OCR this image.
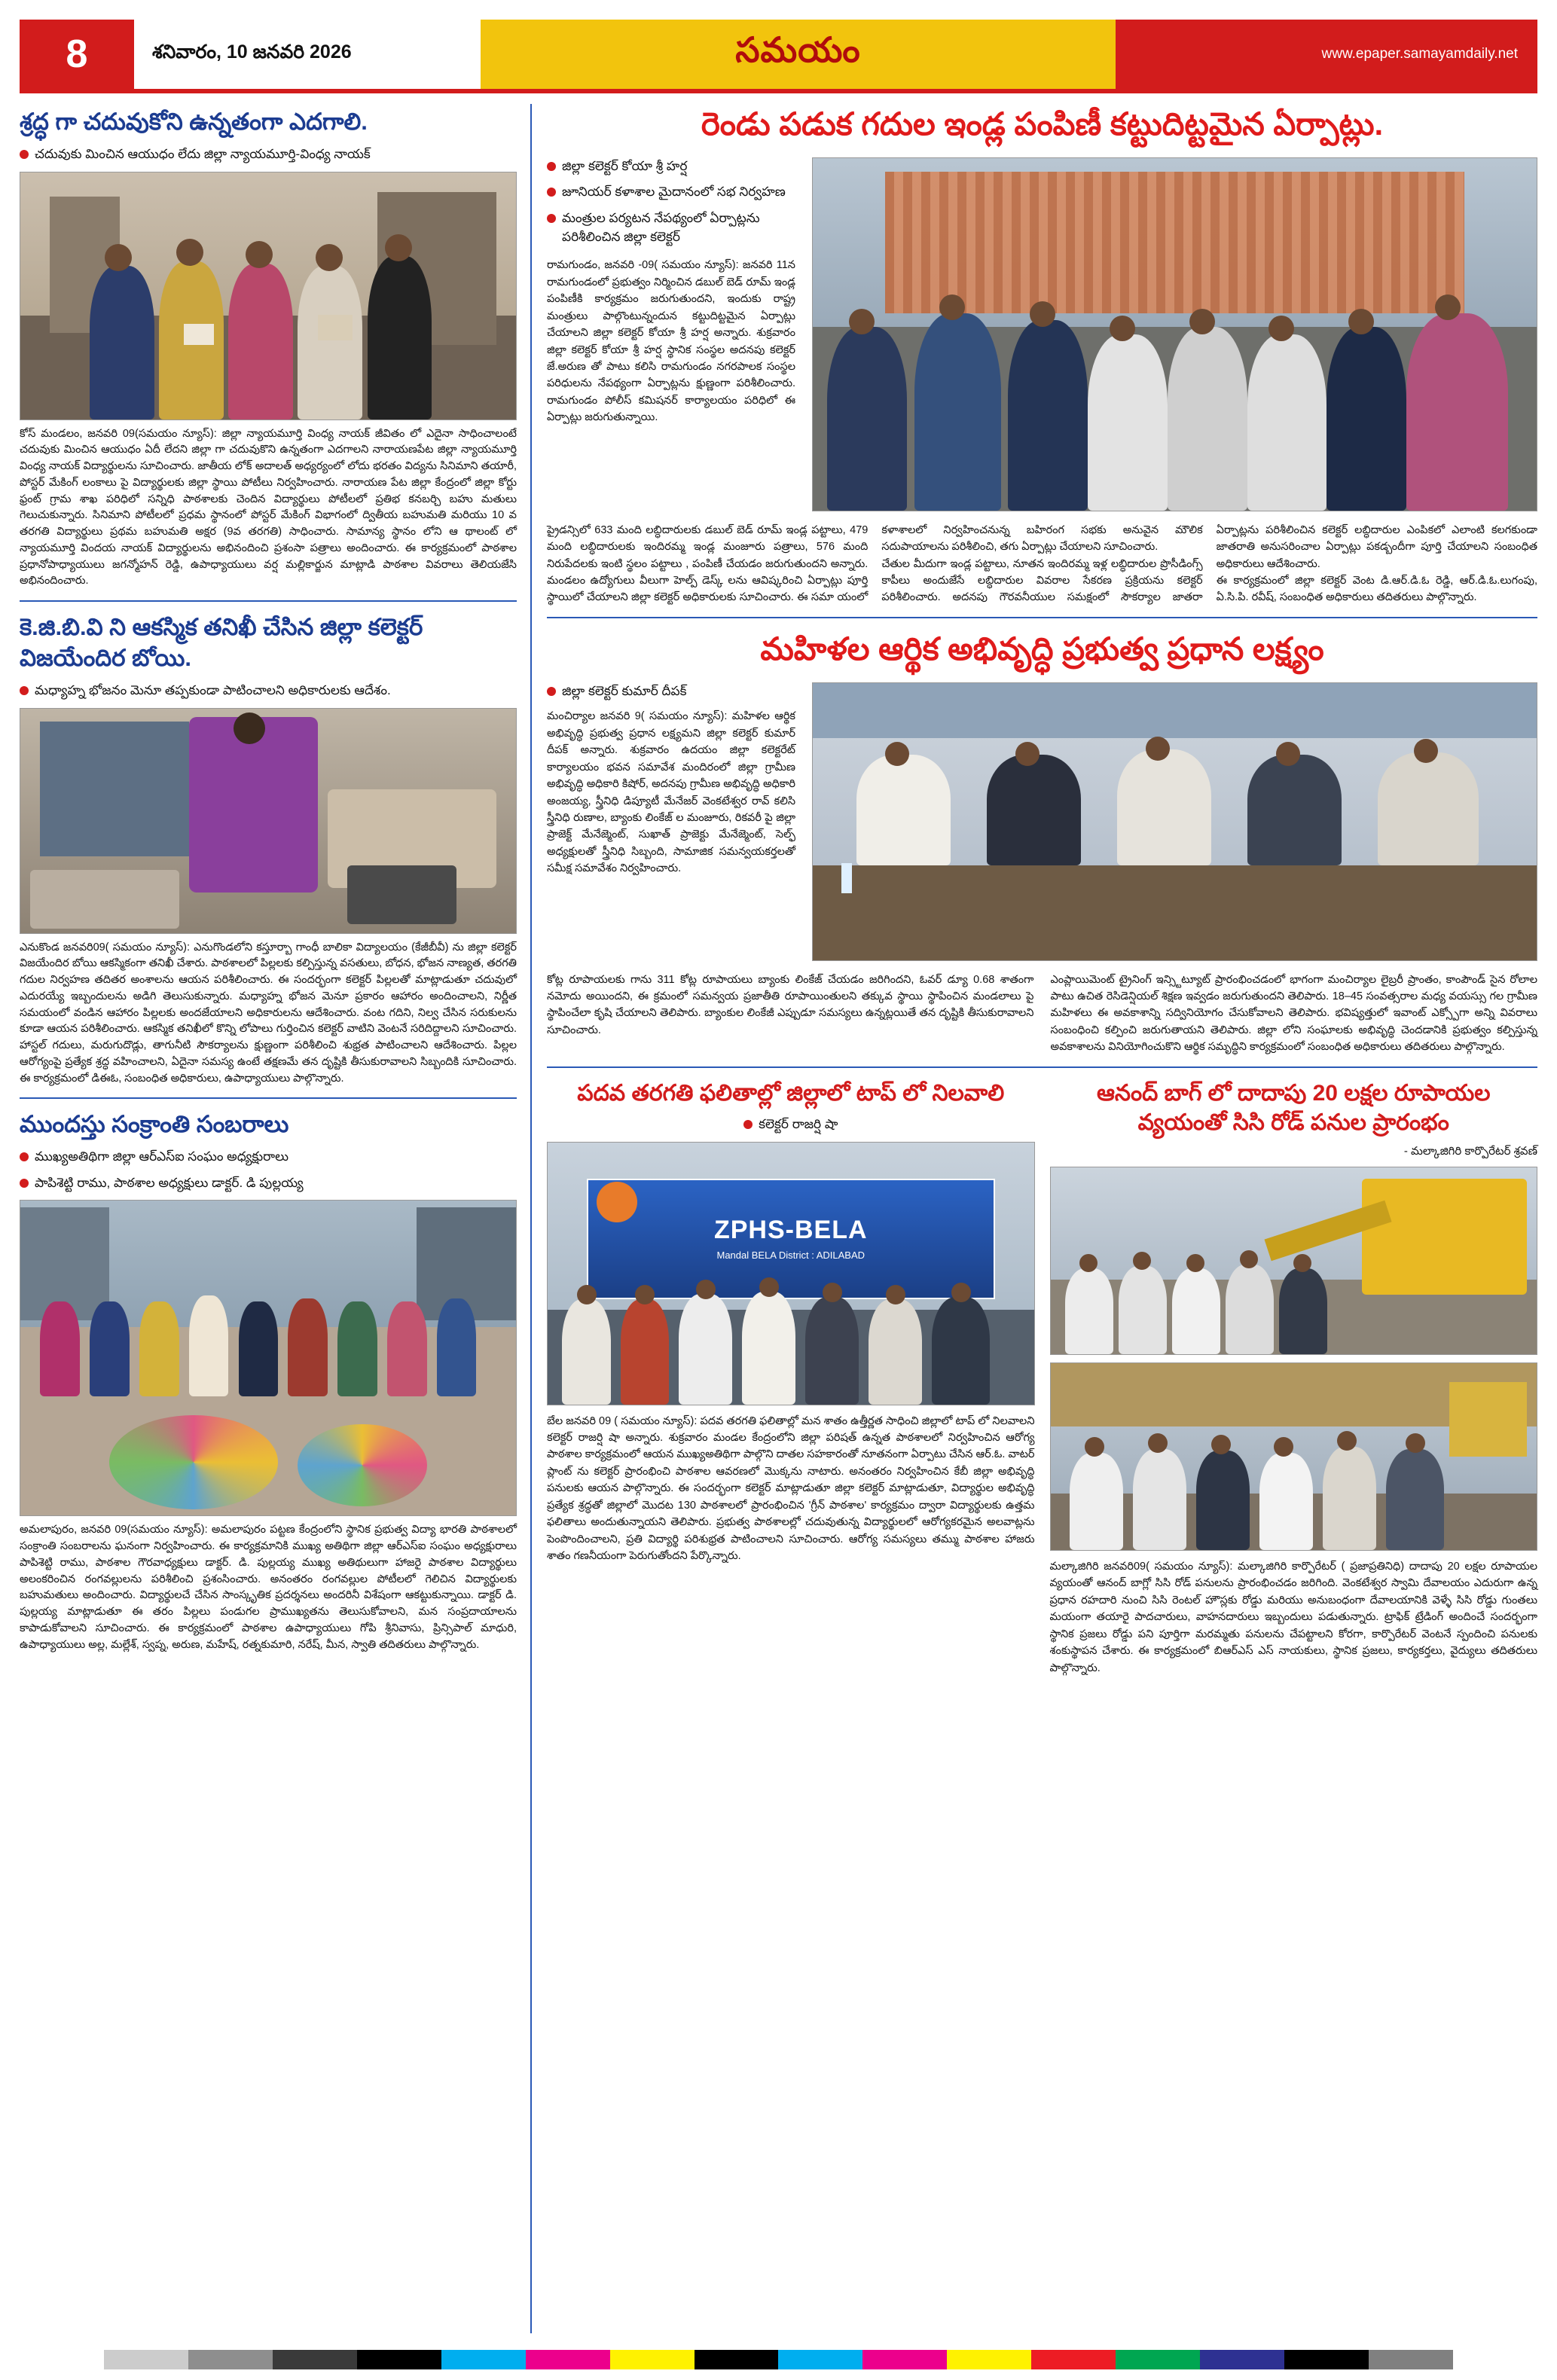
8	శనివారం, 10 జనవరి 2026	సమయం	www.epaper.samayamdaily.net
శ్రద్ధ గా చదువుకోని ఉన్నతంగా ఎదగాలి.
చదువుకు మించిన ఆయుధం లేదు జిల్లా న్యాయమూర్తి-వింధ్య నాయక్
కోస్ మండలం, జనవరి 09(సమయం న్యూస్): జిల్లా న్యాయమూర్తి వింధ్య నాయక్ జీవితం లో ఎదైనా సాధించాలంటే చదువుకు మించిన ఆయుధం ఏదీ లేదని జిల్లా గా చదువుకొని ఉన్నతంగా ఎదగాలని నారాయణపేట జిల్లా న్యాయమూర్తి వింధ్య నాయక్ విద్యార్థులను సూచించారు. జాతీయ లోక్ అదాలత్ అధ్యర్యంలో లోదు భరతం విద్యను సినిమాని తయారీ, పోస్టర్ మేకింగ్ లంకాలు పై విద్యార్థులకు జిల్లా స్థాయి పోటీలు నిర్వహించారు. నారాయణ పేట జిల్లా కేంద్రంలో జిల్లా కోర్టు ఫ్రంట్ గ్రామ శాఖ పరిధిలో సన్నిధి పాఠశాలకు చెందిన విద్యార్థులు పోటీలలో ప్రతిభ కనబర్చి బహు మతులు గెలుచుకున్నారు. సినిమాని పోటీలలో ప్రధమ స్థానంలో పోస్టర్ మేకింగ్ విభాగంలో ద్వితీయ బహుమతి మరియు 10 వ తరగతి విద్యార్థులు ప్రథమ బహుమతి అక్షర (9వ తరగతి) సాధించారు. సామాన్య స్థానం లోని ఆ థాలంట్ లో న్యాయమూర్తి విందయ నాయక్ విద్యార్థులను అభినందించి ప్రశంసా పత్రాలు అందించారు. ఈ కార్యక్రమంలో పాఠశాల ప్రధానోపాధ్యాయులు జగన్మోహన్ రెడ్డి, ఉపాధ్యాయులు వర్ష మల్లికార్జున మాట్లాడి పాఠశాల వివరాలు తెలియజేసి అభినందించారు.
కె.జి.బి.వి ని ఆకస్మిక తనిఖీ చేసిన జిల్లా కలెక్టర్ విజయేందిర బోయి.
మధ్యాహ్న భోజనం మెనూ తప్పకుండా పాటించాలని అధికారులకు ఆదేశం.
ఎనుకొండ జనవరి09( సమయం న్యూస్): ఎనుగొండలోని కస్తూర్బా గాంధీ బాలికా విద్యాలయం (కేజీబీవీ) ను జిల్లా కలెక్టర్ విజయేందిర బోయి ఆకస్మికంగా తనిఖీ చేశారు. పాఠశాలలో పిల్లలకు కల్పిస్తున్న వసతులు, బోధన, భోజన నాణ్యత, తరగతి గదుల నిర్వహణ తదితర అంశాలను ఆయన పరిశీలించారు. ఈ సందర్భంగా కలెక్టర్ పిల్లలతో మాట్లాడుతూ చదువులో ఎదురయ్యే ఇబ్బందులను అడిగి తెలుసుకున్నారు. మధ్యాహ్న భోజన మెనూ ప్రకారం ఆహారం అందించాలని, నిర్ణీత సమయంలో వండిన ఆహారం పిల్లలకు అందజేయాలని అధికారులను ఆదేశించారు. వంట గదిని, నిల్వ చేసిన సరుకులను కూడా ఆయన పరిశీలించారు. ఆకస్మిక తనిఖీలో కొన్ని లోపాలు గుర్తించిన కలెక్టర్ వాటిని వెంటనే సరిదిద్దాలని సూచించారు. హాస్టల్ గదులు, మరుగుదొడ్లు, తాగునీటి సౌకర్యాలను క్షుణ్ణంగా పరిశీలించి శుభ్రత పాటించాలని ఆదేశించారు. పిల్లల ఆరోగ్యంపై ప్రత్యేక శ్రద్ధ వహించాలని, ఏదైనా సమస్య ఉంటే తక్షణమే తన దృష్టికి తీసుకురావాలని సిబ్బందికి సూచించారు. ఈ కార్యక్రమంలో డిఈఓ, సంబంధిత అధికారులు, ఉపాధ్యాయులు పాల్గొన్నారు.
ముందస్తు సంక్రాంతి సంబరాలు
ముఖ్యఅతిథిగా జిల్లా ఆర్ఎస్ఐ సంఘం అధ్యక్షురాలు
పాపిశెట్టి రాము, పాఠశాల అధ్యక్షులు డాక్టర్. డి పుల్లయ్య
అమలాపురం, జనవరి 09(సమయం న్యూస్): అమలాపురం పట్టణ కేంద్రంలోని స్థానిక ప్రభుత్వ విద్యా భారతి పాఠశాలలో సంక్రాంతి సంబరాలను ఘనంగా నిర్వహించారు. ఈ కార్యక్రమానికి ముఖ్య అతిథిగా జిల్లా ఆర్ఎస్ఐ సంఘం అధ్యక్షురాలు పాపిశెట్టి రాము, పాఠశాల గౌరవాధ్యక్షులు డాక్టర్. డి. పుల్లయ్య ముఖ్య అతిథులుగా హాజరై పాఠశాల విద్యార్థులు అలంకరించిన రంగవల్లులను పరిశీలించి ప్రశంసించారు. అనంతరం రంగవల్లుల పోటీలలో గెలిచిన విద్యార్థులకు బహుమతులు అందించారు. విద్యార్థులచే చేసిన సాంస్కృతిక ప్రదర్శనలు అందరినీ విశేషంగా ఆకట్టుకున్నాయి. డాక్టర్ డి. పుల్లయ్య మాట్లాడుతూ ఈ తరం పిల్లలు పండుగల ప్రాముఖ్యతను తెలుసుకోవాలని, మన సంప్రదాయాలను కాపాడుకోవాలని సూచించారు. ఈ కార్యక్రమంలో పాఠశాల ఉపాధ్యాయులు గోపి శ్రీనివాసు, ప్రిన్సిపాల్ మాధురి, ఉపాధ్యాయులు అల్ల, మల్లేశ్, స్వప్న, అరుణ, మహేష్, రత్నకుమారి, నరేష్, మీన, స్వాతి తదితరులు పాల్గొన్నారు.
రెండు పడుక గదుల ఇండ్ల పంపిణీ కట్టుదిట్టమైన ఏర్పాట్లు.
జిల్లా కలెక్టర్ కోయా శ్రీ హర్ష
జూనియర్ కళాశాల మైదానంలో సభ నిర్వహణ
మంత్రుల పర్యటన నేపథ్యంలో ఏర్పాట్లను పరిశీలించిన జిల్లా కలెక్టర్
రామగుండం, జనవరి -09( సమయం న్యూస్): జనవరి 11న రామగుండంలో ప్రభుత్వం నిర్మించిన డబుల్ బెడ్ రూమ్ ఇండ్ల పంపిణీకి కార్యక్రమం జరుగుతుందని, ఇందుకు రాష్ట్ర మంత్రులు పాల్గొంటున్నందున కట్టుదిట్టమైన ఏర్పాట్లు చేయాలని జిల్లా కలెక్టర్ కోయా శ్రీ హర్ష అన్నారు. శుక్రవారం జిల్లా కలెక్టర్ కోయా శ్రీ హర్ష స్థానిక సంస్థల అదనపు కలెక్టర్ జే.అరుణ తో పాటు కలిసి రామగుండం నగరపాలక సంస్థల పరిధులను నేపథ్యంగా ఏర్పాట్లను క్షుణ్ణంగా పరిశీలించారు. రామగుండం పోలీస్ కమిషనర్ కార్యాలయం పరిధిలో ఈ ఏర్పాట్లు జరుగుతున్నాయి.
ప్రైడన్సిలో 633 మంది లబ్ధిదారులకు డబుల్ బెడ్ రూమ్ ఇండ్ల పట్టాలు, 479 మంది లబ్ధిదారులకు ఇందిరమ్మ ఇండ్ల మంజూరు పత్రాలు, 576 మంది నిరుపేదలకు ఇంటి స్థలం పట్టాలు , పంపిణీ చేయడం జరుగుతుందని అన్నారు. మండలం ఉద్యోగులు వీలుగా హెల్ప్ డెస్క్ లను ఆవిష్కరించి ఏర్పాట్లు పూర్తి స్థాయిలో చేయాలని జిల్లా కలెక్టర్ అధికారులకు సూచించారు. ఈ సమా యంలో కళాశాలలో నిర్వహించనున్న బహిరంగ సభకు అనువైన మౌలిక సదుపాయాలను పరిశీలించి, తగు ఏర్పాట్లు చేయాలని సూచించారు.
చేతుల మీదుగా ఇండ్ల పట్టాలు, నూతన ఇందిరమ్మ ఇళ్ల లబ్ధిదారుల ప్రొసీడింగ్స్ కాపీలు అందుజేసే లబ్ధిదారుల వివరాల సేకరణ ప్రక్రియను కలెక్టర్ పరిశీలించారు. అదనపు గౌరవనీయుల సమక్షంలో సౌకర్యాల జాతరా ఏర్పాట్లను పరిశీలించిన కలెక్టర్ లబ్ధిదారుల ఎంపికలో ఎలాంటి కలగకుండా జాతరాతి అనుసరించాల ఏర్పాట్లు పకడ్బందీగా పూర్తి చేయాలని సంబంధిత అధికారులు ఆదేశించారు.
ఈ కార్యక్రమంలో జిల్లా కలెక్టర్ వెంట డి.ఆర్.డి.ఓ రెడ్డి, ఆర్.డి.ఓ.లుగంపు, ఏ.సి.పి. రవీష్, సంబంధిత అధికారులు తదితరులు పాల్గొన్నారు.
మహిళల ఆర్థిక అభివృద్ధి ప్రభుత్వ ప్రధాన లక్ష్యం
జిల్లా కలెక్టర్ కుమార్ దీపక్
మంచిర్యాల జనవరి 9( సమయం న్యూస్): మహిళల ఆర్థిక అభివృద్ధి ప్రభుత్వ ప్రధాన లక్ష్యమని జిల్లా కలెక్టర్ కుమార్ దీపక్ అన్నారు. శుక్రవారం ఉదయం జిల్లా కలెక్టరేట్ కార్యాలయం భవన సమావేశ మందిరంలో జిల్లా గ్రామీణ అభివృద్ధి అధికారి కిషోర్, అదనపు గ్రామీణ అభివృద్ధి అధికారి అంజయ్య, స్త్రీనిధి డిప్యూటీ మేనేజర్ వెంకటేశ్వర రావ్ కలిసి స్త్రీనిధి రుణాల, బ్యాంకు లింకేజ్ ల మంజూరు, రికవరీ పై జిల్లా ప్రాజెక్ట్ మేనేజ్మెంట్, సుఖాత్ ప్రాజెక్టు మేనేజ్మెంట్, సెల్ఫ్ అధ్యక్షులతో స్త్రీనిధి సిబ్బంది, సామాజిక సమన్వయకర్తలతో సమీక్ష సమావేశం నిర్వహించారు.
కోట్ల రూపాయలకు గాను 311 కోట్ల రూపాయలు బ్యాంకు లింకేజ్ చేయడం జరిగిందని, ఓవర్ డ్యూ 0.68 శాతంగా నమోదు అయిందని, ఈ క్రమంలో సమన్వయ ప్రజాతీతి రూపాయింతులని తక్కువ స్థాయి స్థాపించిన మండలాలు పై స్థాపించేలా కృషి చేయాలని తెలిపారు. బ్యాంకుల లింకేజీ ఎప్పుడూ సమస్యలు ఉన్నట్లయితే తన దృష్టికి తీసుకురావాలని సూచించారు.
ఎంప్లాయిమెంట్ ట్రైనింగ్ ఇన్స్టిట్యూట్ ప్రారంభించడంలో భాగంగా మంచిర్యాల లైబ్రరీ ప్రాంతం, కాంపౌండ్ సైన రోలాల పాటు ఉచిత రెసిడెన్షియల్ శిక్షణ ఇవ్వడం జరుగుతుందని తెలిపారు. 18–45 సంవత్సరాల మధ్య వయస్సు గల గ్రామీణ మహిళలు ఈ అవకాశాన్ని సద్వినియోగం చేసుకోవాలని తెలిపారు. భవిష్యత్తులో ఇవాంట్ ఎక్స్పోగా అన్ని వివరాలు సంబంధించి కల్పించి జరుగుతాయని తెలిపారు. జిల్లా లోని సంఘాలకు అభివృద్ధి చెందడానికి ప్రభుత్వం కల్పిస్తున్న అవకాశాలను వినియోగించుకొని ఆర్థిక సమృద్ధిని కార్యక్రమంలో సంబంధిత అధికారులు తదితరులు పాల్గొన్నారు.
పదవ తరగతి ఫలితాల్లో జిల్లాలో టాప్ లో నిలవాలి
కలెక్టర్ రాజర్షి షా
ZPHS-BELA
Mandal BELA District : ADILABAD
బేల జనవరి 09 ( సమయం న్యూస్): పదవ తరగతి ఫలితాల్లో మన శాతం ఉత్తీర్ణత సాధించి జిల్లాలో టాప్ లో నిలవాలని కలెక్టర్ రాజర్షి షా అన్నారు. శుక్రవారం మండల కేంద్రంలోని జిల్లా పరిషత్ ఉన్నత పాఠశాలలో నిర్వహించిన ఆరోగ్య పాఠశాల కార్యక్రమంలో ఆయన ముఖ్యఅతిథిగా పాల్గొని దాతల సహకారంతో నూతనంగా ఏర్పాటు చేసిన ఆర్.ఓ. వాటర్ ప్లాంట్ ను కలెక్టర్ ప్రారంభించి పాఠశాల ఆవరణలో మొక్కను నాటారు. అనంతరం నిర్వహించిన కేబీ జిల్లా అభివృద్ధి పనులకు ఆయన పాల్గొన్నారు. ఈ సందర్భంగా కలెక్టర్ మాట్లాడుతూ జిల్లా కలెక్టర్ మాట్లాడుతూ, విద్యార్థుల అభివృద్ధి ప్రత్యేక శ్రద్ధతో జిల్లాలో మొదట 130 పాఠశాలలో ప్రారంభించిన 'గ్రీన్ పాఠశాల' కార్యక్రమం ద్వారా విద్యార్థులకు ఉత్తమ ఫలితాలు అందుతున్నాయని తెలిపారు. ప్రభుత్వ పాఠశాలల్లో చదువుతున్న విద్యార్థులలో ఆరోగ్యకరమైన అలవాట్లను పెంపొందించాలని, ప్రతి విద్యార్థి పరిశుభ్రత పాటించాలని సూచించారు. ఆరోగ్య సమస్యలు తమ్ము పాఠశాల హాజరు శాతం గణనీయంగా పెరుగుతోందని పేర్కొన్నారు.
ఆనంద్ బాగ్ లో దాదాపు 20 లక్షల రూపాయల వ్యయంతో సిసి రోడ్ పనుల ప్రారంభం
- మల్కాజిగిరి కార్పొరేటర్ శ్రవణ్
మల్కాజిగిరి జనవరి09( సమయం న్యూస్): మల్కాజిగిరి కార్పొరేటర్ ( ప్రజాప్రతినిధి) దాదాపు 20 లక్షల రూపాయల వ్యయంతో ఆనంద్ బాగ్లో సిసి రోడ్ పనులను ప్రారంభించడం జరిగింది. వెంకటేశ్వర స్వామి దేవాలయం ఎదురుగా ఉన్న ప్రధాన రహదారి నుంచి సిసి రెంటల్ హౌస్లకు రోడ్డు మరియు అనుబంధంగా దేవాలయానికి వెళ్ళే సిసి రోడ్డు గుంతలు మయంగా తయారై పాదచారులు, వాహనదారులు ఇబ్బందులు పడుతున్నారు. ట్రాఫిక్ ట్రేడింగ్ అందించే సందర్భంగా స్థానిక ప్రజలు రోడ్డు పని పూర్తిగా మరమ్మతు పనులను చేపట్టాలని కోరగా, కార్పొరేటర్ వెంటనే స్పందించి పనులకు శంకుస్థాపన చేశారు. ఈ కార్యక్రమంలో బిఆర్ఎస్ ఎస్ నాయకులు, స్థానిక ప్రజలు, కార్యకర్తలు, వైద్యులు తదితరులు పాల్గొన్నారు.
